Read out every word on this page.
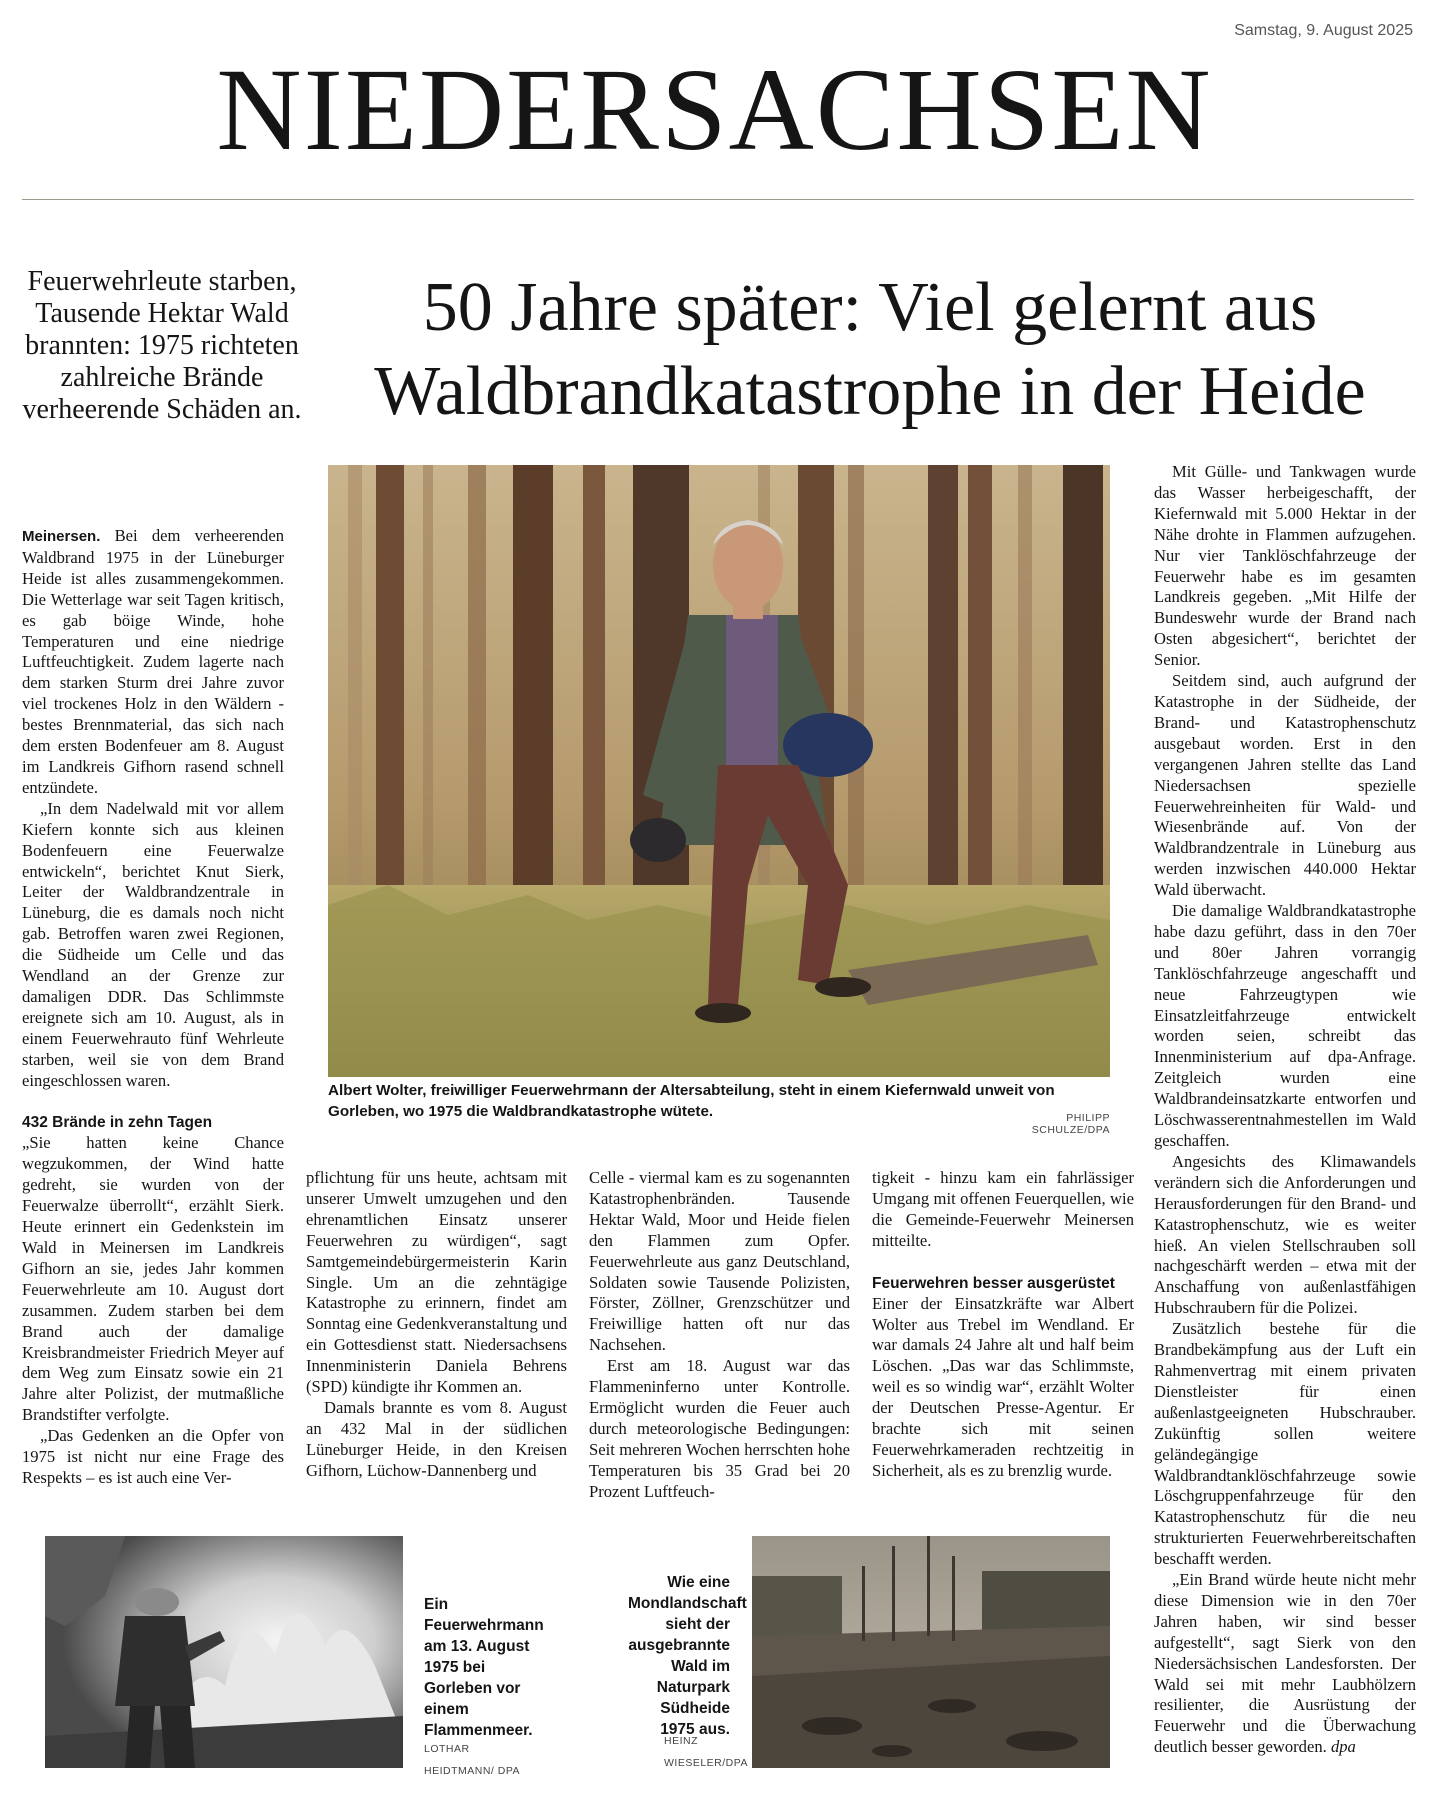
Samstag, 9. August 2025
NIEDERSACHSEN
Feuerwehrleute starben, Tausende Hektar Wald brannten: 1975 richteten zahlreiche Brände verheerende Schäden an.
50 Jahre später: Viel gelernt aus
Waldbrandkatastrophe in der Heide
Albert Wolter, freiwilliger Feuerwehrmann der Altersabteilung, steht in einem Kiefernwald unweit von Gorleben, wo 1975 die Waldbrandkatastrophe wütete.	PHILIPP SCHULZE/DPA

Meinersen. Bei dem verheerenden Waldbrand 1975 in der Lüneburger Heide ist alles zusammengekommen. Die Wetterlage war seit Tagen kritisch, es gab böige Winde, hohe Temperaturen und eine niedrige Luftfeuchtigkeit. Zudem lagerte nach dem starken Sturm drei Jahre zuvor viel trockenes Holz in den Wäldern - bestes Brennmaterial, das sich nach dem ersten Bodenfeuer am 8. August im Landkreis Gifhorn rasend schnell entzündete.

„In dem Nadelwald mit vor allem Kiefern konnte sich aus kleinen Bodenfeuern eine Feuerwalze entwickeln“, berichtet Knut Sierk, Leiter der Waldbrandzentrale in Lüneburg, die es damals noch nicht gab. Betroffen waren zwei Regionen, die Südheide um Celle und das Wendland an der Grenze zur damaligen DDR. Das Schlimmste ereignete sich am 10. August, als in einem Feuerwehrauto fünf Wehrleute starben, weil sie von dem Brand eingeschlossen waren.

432 Brände in zehn Tagen

„Sie hatten keine Chance wegzukommen, der Wind hatte gedreht, sie wurden von der Feuerwalze überrollt“, erzählt Sierk. Heute erinnert ein Gedenkstein im Wald in Meinersen im Landkreis Gifhorn an sie, jedes Jahr kommen Feuerwehrleute am 10. August dort zusammen. Zudem starben bei dem Brand auch der damalige Kreisbrandmeister Friedrich Meyer auf dem Weg zum Einsatz sowie ein 21 Jahre alter Polizist, der mutmaßliche Brandstifter verfolgte.

„Das Gedenken an die Opfer von 1975 ist nicht nur eine Frage des Respekts – es ist auch eine Ver-

pflichtung für uns heute, achtsam mit unserer Umwelt umzugehen und den ehrenamtlichen Einsatz unserer Feuerwehren zu würdigen“, sagt Samtgemeindebürgermeisterin Karin Single. Um an die zehntägige Katastrophe zu erinnern, findet am Sonntag eine Gedenkveranstaltung und ein Gottesdienst statt. Niedersachsens Innenministerin Daniela Behrens (SPD) kündigte ihr Kommen an.

Damals brannte es vom 8. August an 432 Mal in der südlichen Lüneburger Heide, in den Kreisen Gifhorn, Lüchow-Dannenberg und

Celle - viermal kam es zu sogenannten Katastrophenbränden. Tausende Hektar Wald, Moor und Heide fielen den Flammen zum Opfer. Feuerwehrleute aus ganz Deutschland, Soldaten sowie Tausende Polizisten, Förster, Zöllner, Grenzschützer und Freiwillige hatten oft nur das Nachsehen.

Erst am 18. August war das Flammeninferno unter Kontrolle. Ermöglicht wurden die Feuer auch durch meteorologische Bedingungen: Seit mehreren Wochen herrschten hohe Temperaturen bis 35 Grad bei 20 Prozent Luftfeuch-

tigkeit - hinzu kam ein fahrlässiger Umgang mit offenen Feuerquellen, wie die Gemeinde-Feuerwehr Meinersen mitteilte.

Feuerwehren besser ausgerüstet

Einer der Einsatzkräfte war Albert Wolter aus Trebel im Wendland. Er war damals 24 Jahre alt und half beim Löschen. „Das war das Schlimmste, weil es so windig war“, erzählt Wolter der Deutschen Presse-Agentur. Er brachte sich mit seinen Feuerwehrkameraden rechtzeitig in Sicherheit, als es zu brenzlig wurde.

Mit Gülle- und Tankwagen wurde das Wasser herbeigeschafft, der Kiefernwald mit 5.000 Hektar in der Nähe drohte in Flammen aufzugehen. Nur vier Tanklöschfahrzeuge der Feuerwehr habe es im gesamten Landkreis gegeben. „Mit Hilfe der Bundeswehr wurde der Brand nach Osten abgesichert“, berichtet der Senior.

Seitdem sind, auch aufgrund der Katastrophe in der Südheide, der Brand- und Katastrophenschutz ausgebaut worden. Erst in den vergangenen Jahren stellte das Land Niedersachsen spezielle Feuerwehreinheiten für Wald- und Wiesenbrände auf. Von der Waldbrandzentrale in Lüneburg aus werden inzwischen 440.000 Hektar Wald überwacht.

Die damalige Waldbrandkatastrophe habe dazu geführt, dass in den 70er und 80er Jahren vorrangig Tanklöschfahrzeuge angeschafft und neue Fahrzeugtypen wie Einsatzleitfahrzeuge entwickelt worden seien, schreibt das Innenministerium auf dpa-Anfrage. Zeitgleich wurden eine Waldbrandeinsatzkarte entworfen und Löschwasserentnahmestellen im Wald geschaffen.

Angesichts des Klimawandels verändern sich die Anforderungen und Herausforderungen für den Brand- und Katastrophenschutz, wie es weiter hieß. An vielen Stellschrauben soll nachgeschärft werden – etwa mit der Anschaffung von außenlastfähigen Hubschraubern für die Polizei.

Zusätzlich bestehe für die Brandbekämpfung aus der Luft ein Rahmenvertrag mit einem privaten Dienstleister für einen außenlastgeeigneten Hubschrauber. Zukünftig sollen weitere geländegängige Waldbrandtanklöschfahrzeuge sowie Löschgruppenfahrzeuge für den Katastrophenschutz für die neu strukturierten Feuerwehrbereitschaften beschafft werden.

„Ein Brand würde heute nicht mehr diese Dimension wie in den 70er Jahren haben, wir sind besser aufgestellt“, sagt Sierk von den Niedersächsischen Landesforsten. Der Wald sei mit mehr Laubhölzern resilienter, die Ausrüstung der Feuerwehr und die Überwachung deutlich besser geworden. dpa

Ein Feuerwehrmann am 13. August 1975 bei Gorleben vor einem Flammenmeer.
LOTHAR HEIDTMANN/ DPA
Wie eine Mondlandschaft sieht der ausgebrannte Wald im Naturpark Südheide 1975 aus.
HEINZ WIESELER/DPA
